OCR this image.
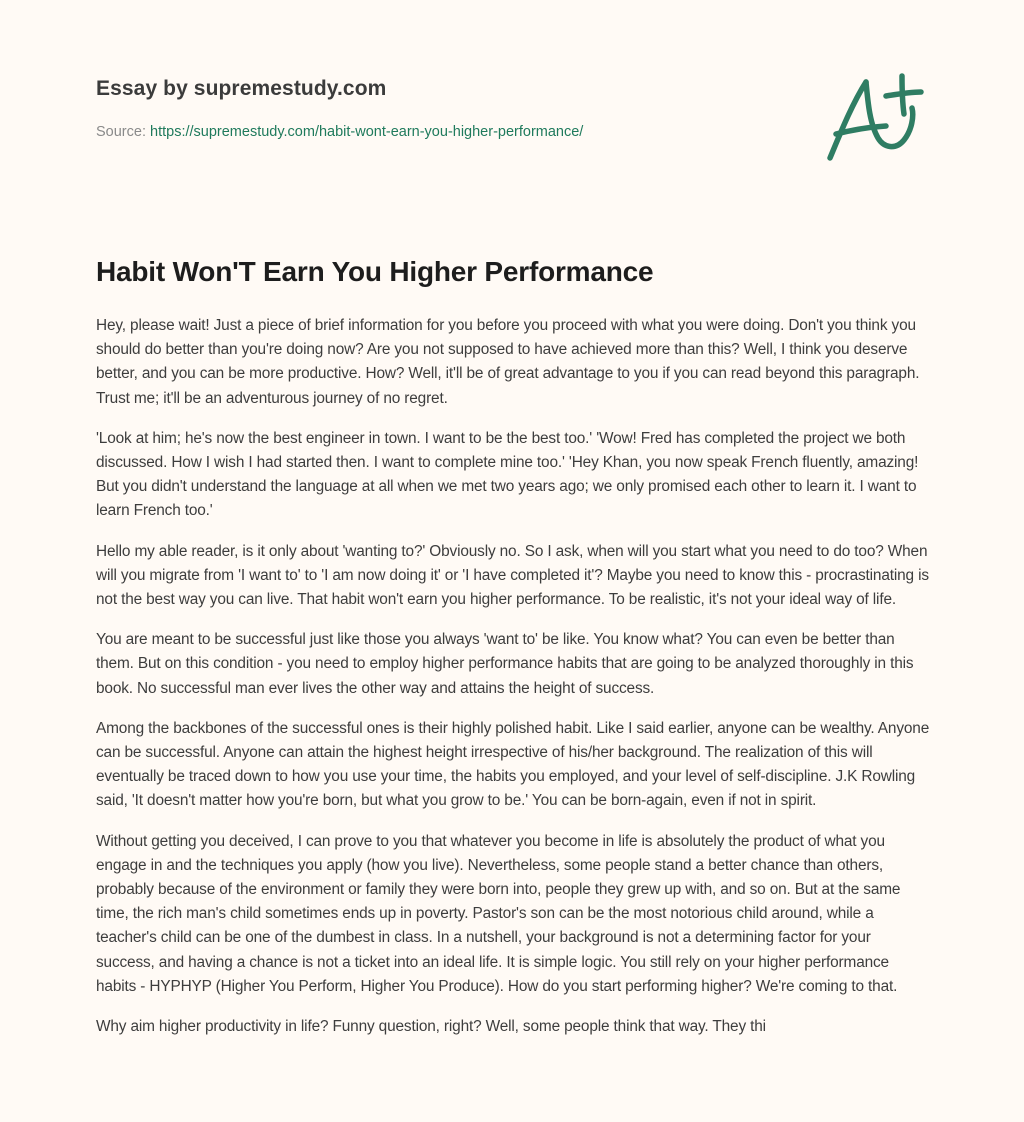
Essay by supremestudy.com
Source: https://supremestudy.com/habit-wont-earn-you-higher-performance/
Habit Won'T Earn You Higher Performance

Hey, please wait! Just a piece of brief information for you before you proceed with what you were doing. Don't you think you should do better than you're doing now? Are you not supposed to have achieved more than this? Well, I think you deserve better, and you can be more productive. How? Well, it'll be of great advantage to you if you can read beyond this paragraph. Trust me; it'll be an adventurous journey of no regret.

'Look at him; he's now the best engineer in town. I want to be the best too.' 'Wow! Fred has completed the project we both discussed. How I wish I had started then. I want to complete mine too.' 'Hey Khan, you now speak French fluently, amazing! But you didn't understand the language at all when we met two years ago; we only promised each other to learn it. I want to learn French too.'

Hello my able reader, is it only about 'wanting to?' Obviously no. So I ask, when will you start what you need to do too? When will you migrate from 'I want to' to 'I am now doing it' or 'I have completed it'? Maybe you need to know this - procrastinating is not the best way you can live. That habit won't earn you higher performance. To be realistic, it's not your ideal way of life.

You are meant to be successful just like those you always 'want to' be like. You know what? You can even be better than them. But on this condition - you need to employ higher performance habits that are going to be analyzed thoroughly in this book. No successful man ever lives the other way and attains the height of success.

Among the backbones of the successful ones is their highly polished habit. Like I said earlier, anyone can be wealthy. Anyone can be successful. Anyone can attain the highest height irrespective of his/her background. The realization of this will eventually be traced down to how you use your time, the habits you employed, and your level of self-discipline. J.K Rowling said, 'It doesn't matter how you're born, but what you grow to be.' You can be born-again, even if not in spirit.

Without getting you deceived, I can prove to you that whatever you become in life is absolutely the product of what you engage in and the techniques you apply (how you live). Nevertheless, some people stand a better chance than others, probably because of the environment or family they were born into, people they grew up with, and so on. But at the same time, the rich man's child sometimes ends up in poverty. Pastor's son can be the most notorious child around, while a teacher's child can be one of the dumbest in class. In a nutshell, your background is not a determining factor for your success, and having a chance is not a ticket into an ideal life. It is simple logic. You still rely on your higher performance habits - HYPHYP (Higher You Perform, Higher You Produce). How do you start performing higher? We're coming to that.

Why aim higher productivity in life? Funny question, right? Well, some people think that way. They thi
